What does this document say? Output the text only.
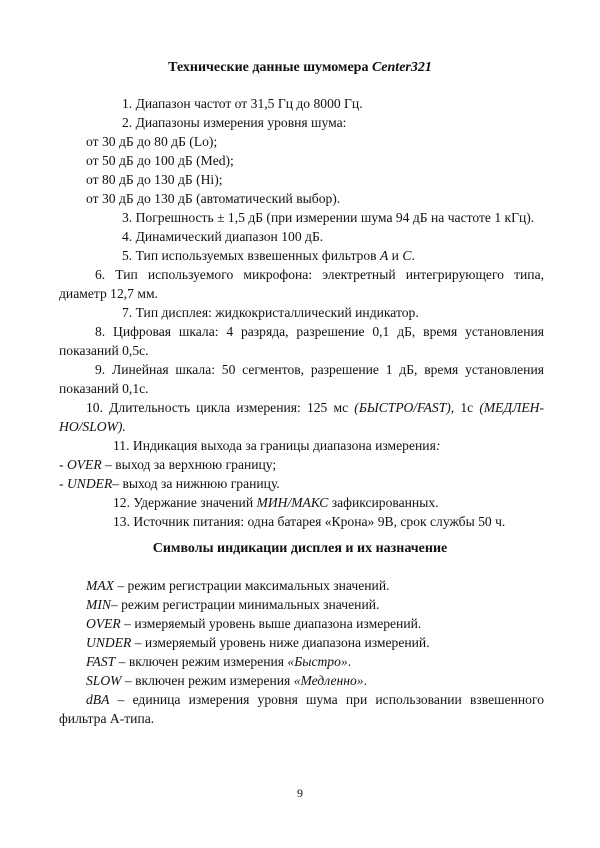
Технические данные шумомера Center321

1. Диапазон частот от 31,5 Гц до 8000 Гц.

2. Диапазоны измерения уровня шума:

от 30 дБ до 80 дБ (Lo);

от 50 дБ до 100 дБ (Med);

от 80 дБ до 130 дБ (Hi);

от 30 дБ до 130 дБ (автоматический выбор).

3. Погрешность ± 1,5 дБ (при измерении шума 94 дБ на частоте 1 кГц).

4. Динамический диапазон 100 дБ.

5. Тип используемых взвешенных фильтров A и C.

6. Тип используемого микрофона: электретный интегрирующего типа, диаметр 12,7 мм.

7. Тип дисплея: жидкокристаллический индикатор.

8. Цифровая шкала: 4 разряда, разрешение 0,1 дБ, время установления показаний 0,5с.

9. Линейная шкала: 50 сегментов, разрешение 1 дБ, время установления показаний 0,1с.

10. Длительность цикла измерения: 125 мс (БЫСТРО/FAST), 1с (МЕДЛЕН-НО/SLOW).

11. Индикация выхода за границы диапазона измерения:

- OVER – выход за верхнюю границу;

- UNDER– выход за нижнюю границу.

12. Удержание значений МИН/МАКС зафиксированных.

13. Источник питания: одна батарея «Крона» 9В, срок службы 50 ч.

Символы индикации дисплея и их назначение

MAX – режим регистрации максимальных значений.

MIN– режим регистрации минимальных значений.

OVER – измеряемый уровень выше диапазона измерений.

UNDER – измеряемый уровень ниже диапазона измерений.

FAST – включен режим измерения «Быстро».

SLOW – включен режим измерения «Медленно».

dBA – единица измерения уровня шума при использовании взвешенного фильтра А-типа.

9
